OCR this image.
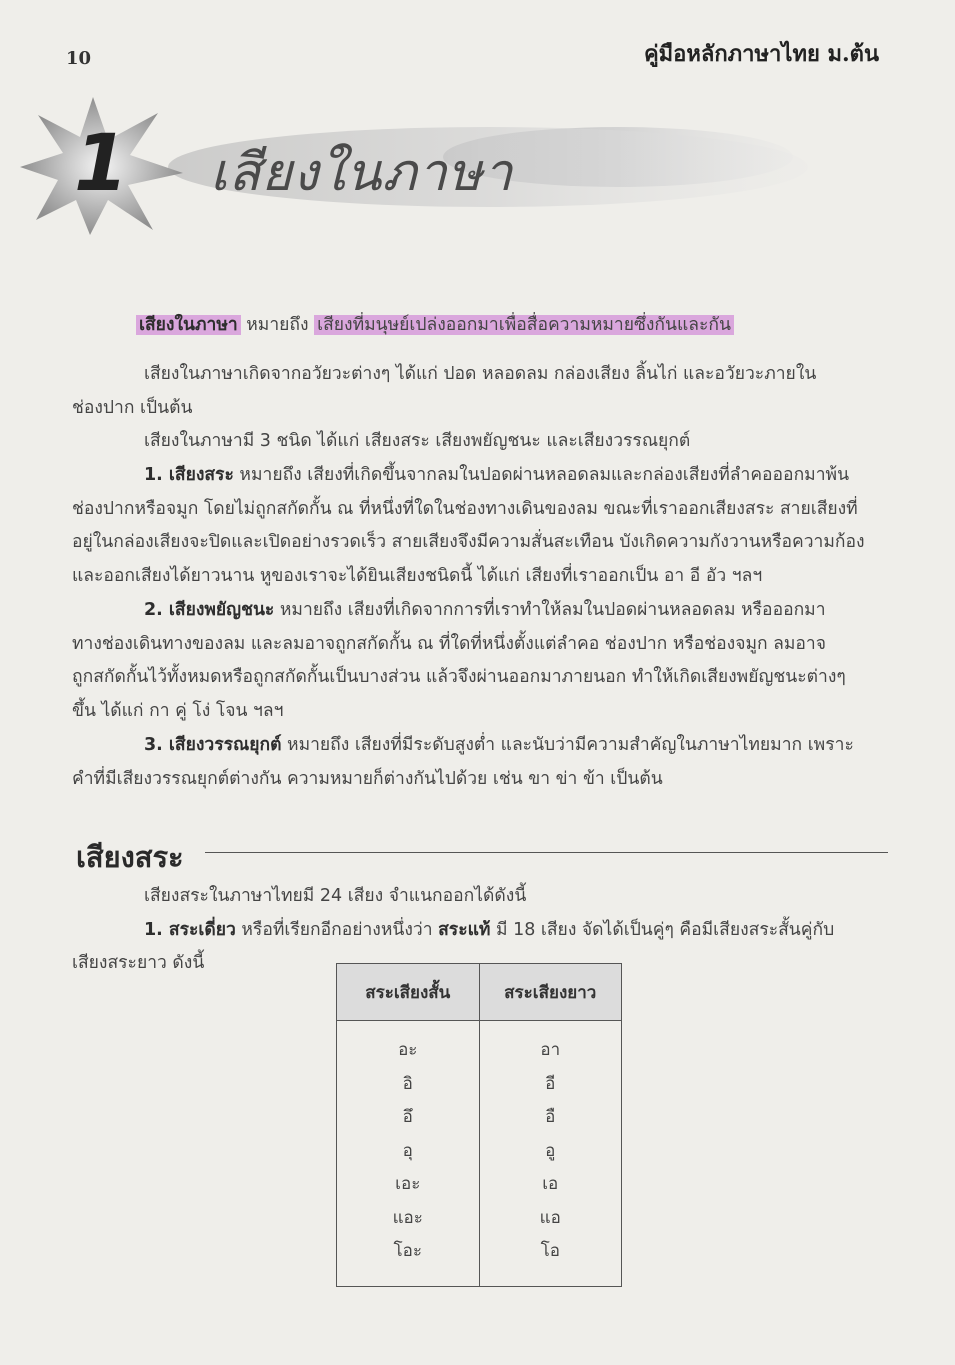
10	คู่มือหลักภาษาไทย ม.ต้น
1 เสียงในภาษา
เสียงในภาษา หมายถึง เสียงที่มนุษย์เปล่งออกมาเพื่อสื่อความหมายซึ่งกันและกัน
เสียงในภาษาเกิดจากอวัยวะต่างๆ ได้แก่ ปอด หลอดลม กล่องเสียง ลิ้นไก่ และอวัยวะภายใน
ช่องปาก เป็นต้น
เสียงในภาษามี 3 ชนิด ได้แก่ เสียงสระ เสียงพยัญชนะ และเสียงวรรณยุกต์
1. เสียงสระ หมายถึง เสียงที่เกิดขึ้นจากลมในปอดผ่านหลอดลมและกล่องเสียงที่ลำคอออกมาพ้น
ช่องปากหรือจมูก โดยไม่ถูกสกัดกั้น ณ ที่หนึ่งที่ใดในช่องทางเดินของลม ขณะที่เราออกเสียงสระ สายเสียงที่
อยู่ในกล่องเสียงจะปิดและเปิดอย่างรวดเร็ว สายเสียงจึงมีความสั่นสะเทือน บังเกิดความกังวานหรือความก้อง
และออกเสียงได้ยาวนาน หูของเราจะได้ยินเสียงชนิดนี้ ได้แก่ เสียงที่เราออกเป็น อา อี อัว ฯลฯ
2. เสียงพยัญชนะ หมายถึง เสียงที่เกิดจากการที่เราทำให้ลมในปอดผ่านหลอดลม หรือออกมา
ทางช่องเดินทางของลม และลมอาจถูกสกัดกั้น ณ ที่ใดที่หนึ่งตั้งแต่ลำคอ ช่องปาก หรือช่องจมูก ลมอาจ
ถูกสกัดกั้นไว้ทั้งหมดหรือถูกสกัดกั้นเป็นบางส่วน แล้วจึงผ่านออกมาภายนอก ทำให้เกิดเสียงพยัญชนะต่างๆ
ขึ้น ได้แก่ กา คู่ โง่ โจน ฯลฯ
3. เสียงวรรณยุกต์ หมายถึง เสียงที่มีระดับสูงต่ำ และนับว่ามีความสำคัญในภาษาไทยมาก เพราะ
คำที่มีเสียงวรรณยุกต์ต่างกัน ความหมายก็ต่างกันไปด้วย เช่น ขา ข่า ข้า เป็นต้น
เสียงสระ
เสียงสระในภาษาไทยมี 24 เสียง จำแนกออกได้ดังนี้
1. สระเดี่ยว หรือที่เรียกอีกอย่างหนึ่งว่า สระแท้ มี 18 เสียง จัดได้เป็นคู่ๆ คือมีเสียงสระสั้นคู่กับ
เสียงสระยาว ดังนี้
สระเสียงสั้น	สระเสียงยาว
อะ	อา
อิ	อี
อึ	อื
อุ	อู
เอะ	เอ
แอะ	แอ
โอะ	โอ
